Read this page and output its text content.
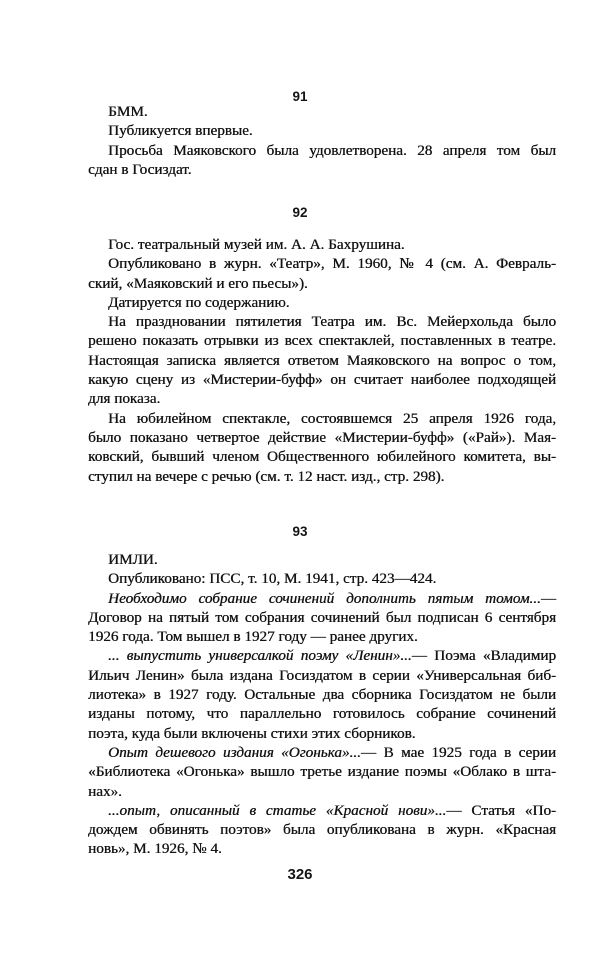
91
БММ.
Публикуется впервые.
Просьба Маяковского была удовлетворена. 28 апреля том был
сдан в Госиздат.
92
Гос. театральный музей им. А. А. Бахрушина.
Опубликовано в журн. «Театр», М. 1960, № 4 (см. А. Февраль-
ский, «Маяковский и его пьесы»).
Датируется по содержанию.
На праздновании пятилетия Театра им. Вс. Мейерхольда было
решено показать отрывки из всех спектаклей, поставленных в театре.
Настоящая записка является ответом Маяковского на вопрос о том,
какую сцену из «Мистерии-буфф» он считает наиболее подходящей
для показа.
На юбилейном спектакле, состоявшемся 25 апреля 1926 года,
было показано четвертое действие «Мистерии-буфф» («Рай»). Мая-
ковский, бывший членом Общественного юбилейного комитета, вы-
ступил на вечере с речью (см. т. 12 наст. изд., стр. 298).
93
ИМЛИ.
Опубликовано: ПСС, т. 10, М. 1941, стр. 423—424.
Необходимо собрание сочинений дополнить пятым томом...—
Договор на пятый том собрания сочинений был подписан 6 сентября
1926 года. Том вышел в 1927 году — ранее других.
... выпустить универсалкой поэму «Ленин»...— Поэма «Владимир
Ильич Ленин» была издана Госиздатом в серии «Универсальная биб-
лиотека» в 1927 году. Остальные два сборника Госиздатом не были
изданы потому, что параллельно готовилось собрание сочинений
поэта, куда были включены стихи этих сборников.
Опыт дешевого издания «Огонька»...— В мае 1925 года в серии
«Библиотека «Огонька» вышло третье издание поэмы «Облако в шта-
нах».
...опыт, описанный в статье «Красной нови»...— Статья «По-
дождем обвинять поэтов» была опубликована в журн. «Красная
новь», М. 1926, № 4.
326
